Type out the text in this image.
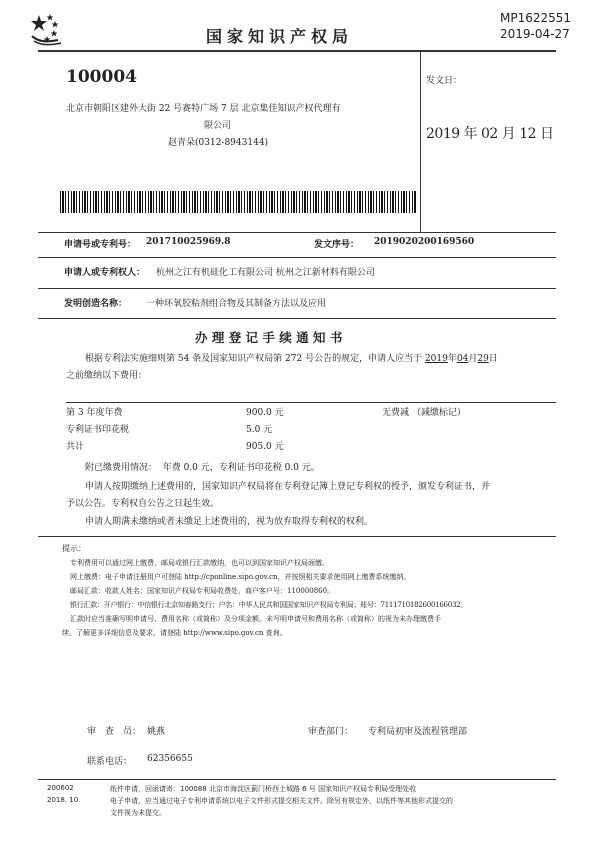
国家知识产权局
MP1622551
2019-04-27
100004
北京市朝阳区建外大街 22 号赛特广场 7 层 北京集佳知识产权代理有
限公司
赵青朵(0312-8943144)
发文日：
2019 年 02 月 12 日
申请号或专利号： 201710025969.8	发文序号： 2019020200169560
申请人或专利权人： 杭州之江有机硅化工有限公司 杭州之江新材料有限公司
发明创造名称： 一种环氧胶粘剂组合物及其制备方法以及应用
办 理 登 记 手 续 通 知 书
根据专利法实施细则第 54 条及国家知识产权局第 272 号公告的规定，申请人应当于 2019年04月29日
之前缴纳以下费用：
第 3 年度年费	900.0 元	无费减 （减缴标记）
专利证书印花税	5.0 元
共计	905.0 元
附已缴费用情况：  年费 0.0 元，专利证书印花税 0.0 元。
申请人按期缴纳上述费用的，国家知识产权局将在专利登记簿上登记专利权的授予，颁发专利证书，并
予以公告。专利权自公告之日起生效。
申请人期满未缴纳或者未缴足上述费用的，视为放弃取得专利权的权利。
提示：
专利费用可以通过网上缴费、邮局或银行汇款缴纳，也可以到国家知识产权局面缴。
网上缴费：电子申请注册用户可登陆 http://cponline.sipo.gov.cn，并按照相关要求使用网上缴费系统缴纳。
邮局汇款：收款人姓名：国家知识产权局专利局收费处，商户客户号：110000860。
银行汇款：开户银行：中信银行北京知春路支行；户名：中华人民共和国国家知识产权局专利局；账号：7111710182600166032。
汇款时应当准确写明申请号、费用名称（或简称）及分项金额。未写明申请号和费用名称（或简称）的视为未办理缴费手
续。了解更多详细信息及要求，请登陆 http://www.sipo.gov.cn 查询。
审　查　员： 姚燕	审查部门： 专利局初审及流程管理部
联系电话： 62356655
200602
2018. 10
纸件申请，回函请寄：100088 北京市海淀区蓟门桥西土城路 6 号 国家知识产权局专利局受理处收
电子申请，应当通过电子专利申请系统以电子文件形式提交相关文件。除另有规定外，以纸件等其他形式提交的
文件视为未提交。
